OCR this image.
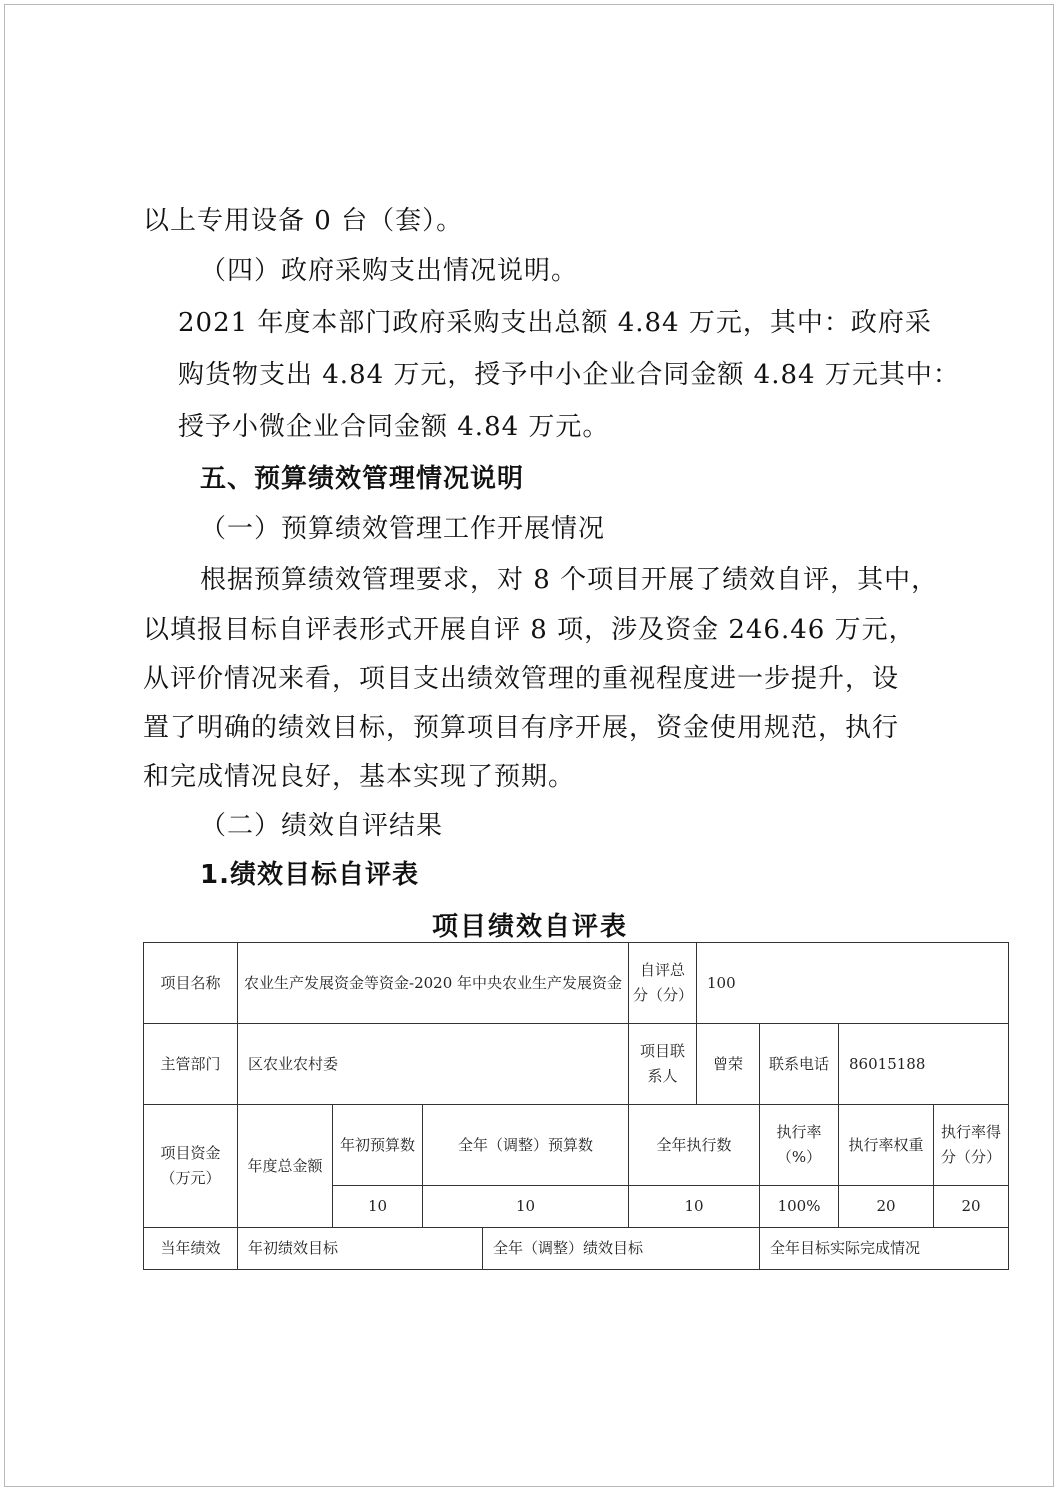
以上专用设备 0 台（套）。
（四）政府采购支出情况说明。
2021 年度本部门政府采购支出总额 4.84 万元，其中：政府采
购货物支出 4.84 万元，授予中小企业合同金额 4.84 万元其中：
授予小微企业合同金额 4.84 万元。
五、预算绩效管理情况说明
（一）预算绩效管理工作开展情况
根据预算绩效管理要求，对 8 个项目开展了绩效自评，其中，
以填报目标自评表形式开展自评 8 项，涉及资金 246.46 万元，
从评价情况来看，项目支出绩效管理的重视程度进一步提升，设
置了明确的绩效目标，预算项目有序开展，资金使用规范，执行
和完成情况良好，基本实现了预期。
（二）绩效自评结果
1.绩效目标自评表
项目绩效自评表
项目名称	农业生产发展资金等资金-2020 年中央农业生产发展资金				自评总分（分）	100			
主管部门	区农业农村委				项目联系人	曾荣	联系电话	86015188	
项目资金（万元）	年度总金额	年初预算数	全年（调整）预算数		全年执行数		执行率（%）	执行率权重	执行率得分（分）
		10	10		10		100%	20	20
当年绩效	年初绩效目标			全年（调整）绩效目标			全年目标实际完成情况		
